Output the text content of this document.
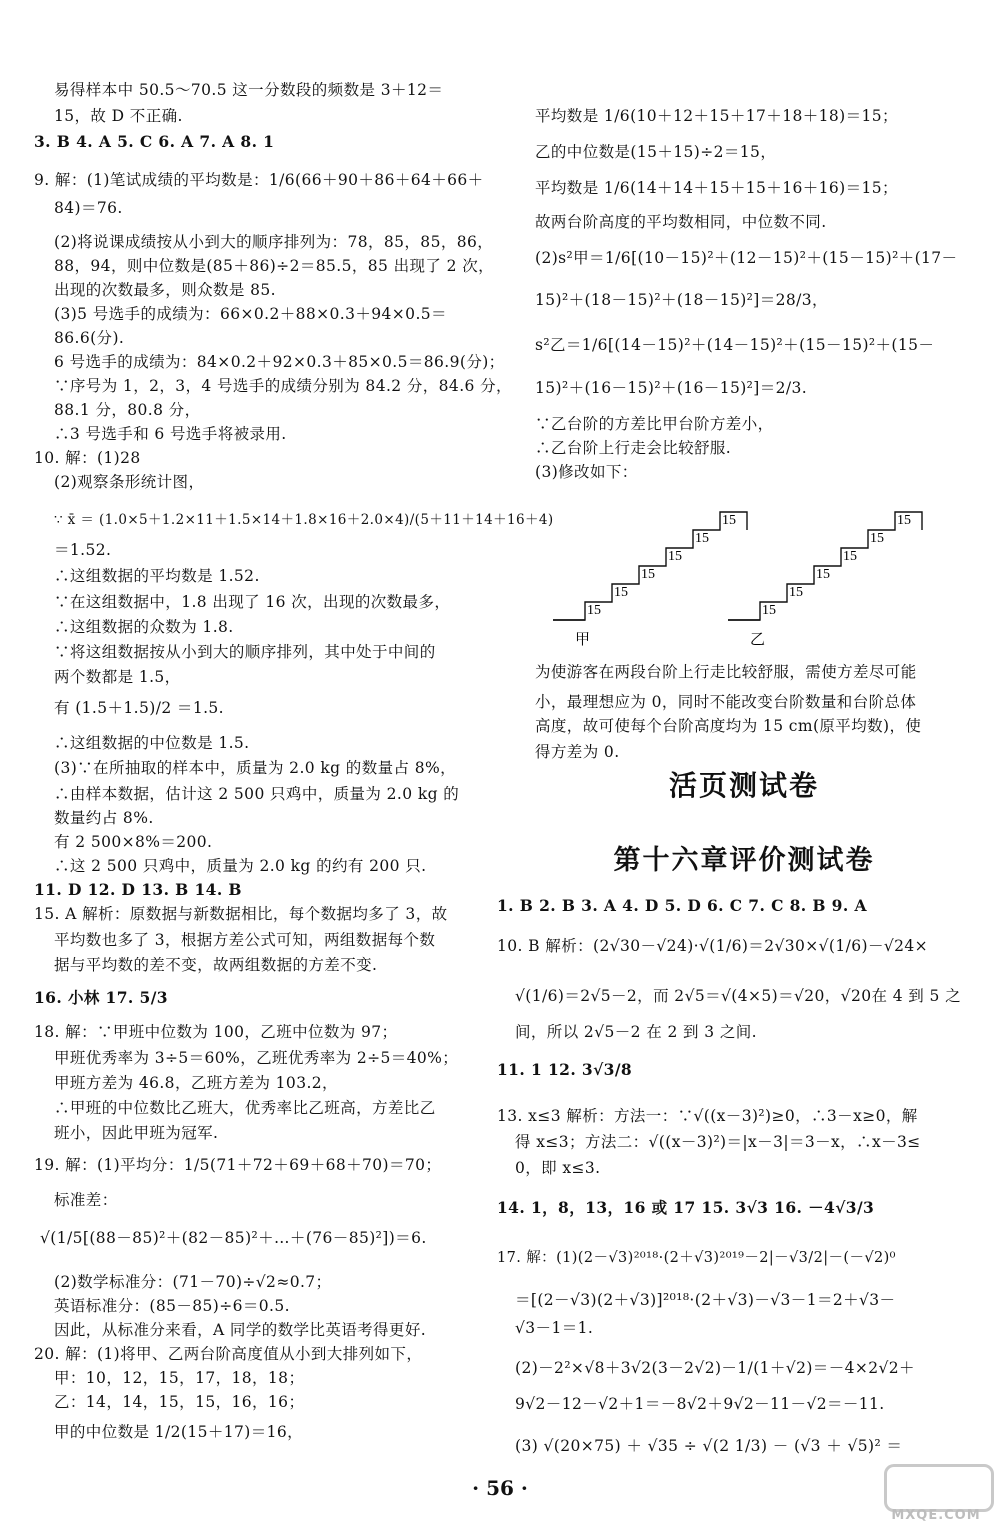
易得样本中 50.5～70.5 这一分数段的频数是 3＋12＝
15，故 D 不正确.
3. B 4. A 5. C 6. A 7. A 8. 1
9. 解：(1)笔试成绩的平均数是：1/6(66＋90＋86＋64＋66＋
84)＝76.
(2)将说课成绩按从小到大的顺序排列为：78，85，85，86，
88，94，则中位数是(85＋86)÷2＝85.5，85 出现了 2 次，
出现的次数最多，则众数是 85.
(3)5 号选手的成绩为：66×0.2＋88×0.3＋94×0.5＝
86.6(分).
6 号选手的成绩为：84×0.2＋92×0.3＋85×0.5＝86.9(分)；
∵序号为 1，2，3，4 号选手的成绩分别为 84.2 分，84.6 分，
88.1 分，80.8 分，
∴3 号选手和 6 号选手将被录用.
10. 解：(1)28
(2)观察条形统计图，
∵ x̄ ＝ (1.0×5＋1.2×11＋1.5×14＋1.8×16＋2.0×4)/(5＋11＋14＋16＋4)
＝1.52.
∴这组数据的平均数是 1.52.
∵在这组数据中，1.8 出现了 16 次，出现的次数最多，
∴这组数据的众数为 1.8.
∵将这组数据按从小到大的顺序排列，其中处于中间的
两个数都是 1.5，
有 (1.5＋1.5)/2 ＝1.5.
∴这组数据的中位数是 1.5.
(3)∵在所抽取的样本中，质量为 2.0 kg 的数量占 8%，
∴由样本数据，估计这 2 500 只鸡中，质量为 2.0 kg 的
数量约占 8%.
有 2 500×8%＝200.
∴这 2 500 只鸡中，质量为 2.0 kg 的约有 200 只.
11. D 12. D 13. B 14. B
15. A 解析：原数据与新数据相比，每个数据均多了 3，故
平均数也多了 3，根据方差公式可知，两组数据每个数
据与平均数的差不变，故两组数据的方差不变.
16. 小林 17. 5/3
18. 解：∵甲班中位数为 100，乙班中位数为 97；
甲班优秀率为 3÷5＝60%，乙班优秀率为 2÷5＝40%；
甲班方差为 46.8，乙班方差为 103.2，
∴甲班的中位数比乙班大，优秀率比乙班高，方差比乙
班小，因此甲班为冠军.
19. 解：(1)平均分：1/5(71＋72＋69＋68＋70)＝70；
标准差：
√(1/5[(88－85)²＋(82－85)²＋…＋(76－85)²])＝6.
(2)数学标准分：(71－70)÷√2≈0.7；
英语标准分：(85－85)÷6＝0.5.
因此，从标准分来看，A 同学的数学比英语考得更好.
20. 解：(1)将甲、乙两台阶高度值从小到大排列如下，
甲：10，12，15，17，18，18；
乙：14，14，15，15，16，16；
甲的中位数是 1/2(15＋17)＝16，
平均数是 1/6(10＋12＋15＋17＋18＋18)＝15；
乙的中位数是(15＋15)÷2＝15，
平均数是 1/6(14＋14＋15＋15＋16＋16)＝15；
故两台阶高度的平均数相同，中位数不同.
(2)s²甲＝1/6[(10－15)²＋(12－15)²＋(15－15)²＋(17－
15)²＋(18－15)²＋(18－15)²]＝28/3，
s²乙＝1/6[(14－15)²＋(14－15)²＋(15－15)²＋(15－
15)²＋(16－15)²＋(16－15)²]＝2/3.
∵乙台阶的方差比甲台阶方差小，
∴乙台阶上行走会比较舒服.
(3)修改如下：
为使游客在两段台阶上行走比较舒服，需使方差尽可能
小，最理想应为 0，同时不能改变台阶数量和台阶总体
高度，故可使每个台阶高度均为 15 cm(原平均数)，使
得方差为 0.
活页测试卷
第十六章评价测试卷
1. B 2. B 3. A 4. D 5. D 6. C 7. C 8. B 9. A
10. B 解析：(2√30－√24)·√(1/6)＝2√30×√(1/6)－√24×
√(1/6)＝2√5－2，而 2√5＝√(4×5)＝√20，√20在 4 到 5 之
间，所以 2√5－2 在 2 到 3 之间.
11. 1 12. 3√3/8
13. x≤3 解析：方法一：∵√((x－3)²)≥0，∴3－x≥0，解
得 x≤3；方法二：√((x－3)²)＝|x－3|＝3－x，∴x－3≤
0，即 x≤3.
14. 1，8，13，16 或 17 15. 3√3 16. －4√3/3
17. 解：(1)(2－√3)²⁰¹⁸·(2＋√3)²⁰¹⁹－2|－√3/2|－(－√2)⁰
＝[(2－√3)(2＋√3)]²⁰¹⁸·(2＋√3)－√3－1＝2＋√3－
√3－1＝1.
(2)－2²×√8＋3√2(3－2√2)－1/(1＋√2)＝－4×2√2＋
9√2－12－√2＋1＝－8√2＋9√2－11－√2＝－11.
(3) √(20×75) ＋ √35 ÷ √(2 1/3) － (√3 ＋ √5)² ＝
15
15
15
15
15
15
甲
15
15
15
15
15
15
乙
· 56 ·
MXQE.COM
